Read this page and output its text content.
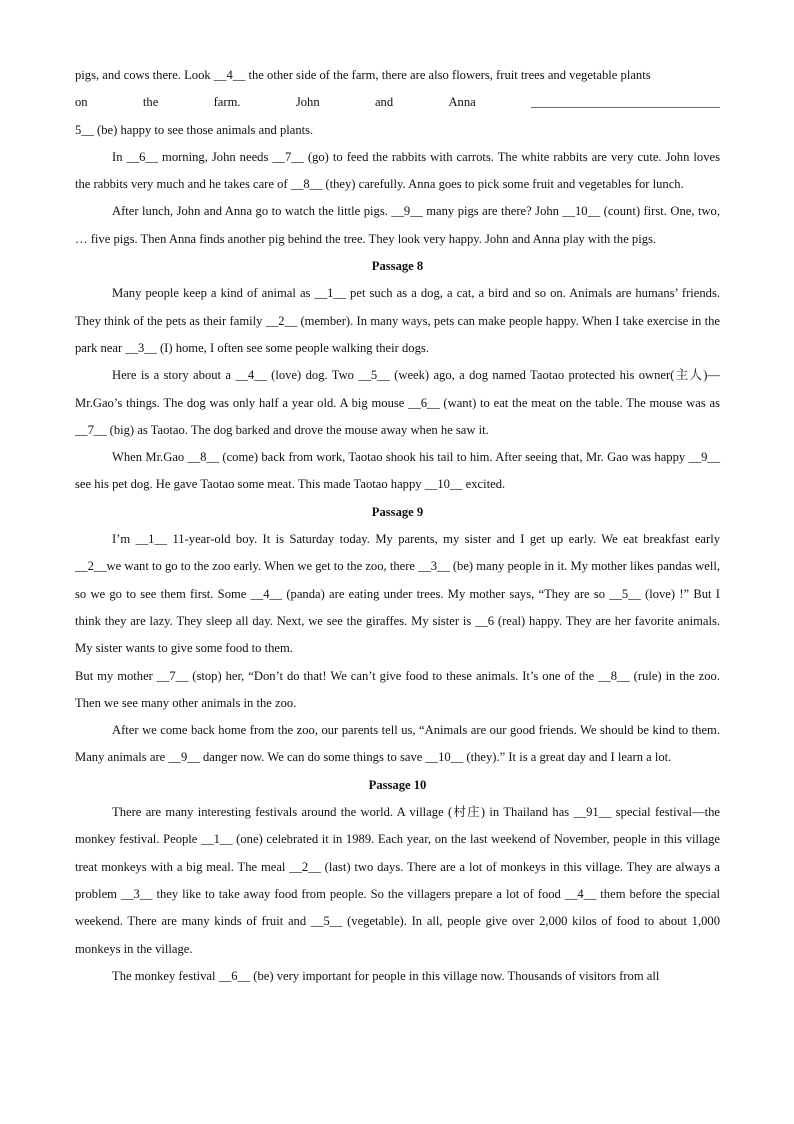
pigs, and cows there. Look __4__ the other side of the farm, there are also flowers, fruit trees and vegetable plants

on	the	farm.	John	and	Anna	______________________________

5__ (be) happy to see those animals and plants.

In __6__ morning, John needs __7__ (go) to feed the rabbits with carrots. The white rabbits are very cute. John loves the rabbits very much and he takes care of __8__ (they) carefully. Anna goes to pick some fruit and vegetables for lunch.

After lunch, John and Anna go to watch the little pigs. __9__ many pigs are there? John __10__ (count) first. One, two, … five pigs. Then Anna finds another pig behind the tree. They look very happy. John and Anna play with the pigs.

Passage 8

Many people keep a kind of animal as __1__ pet such as a dog, a cat, a bird and so on. Animals are humans’ friends. They think of the pets as their family __2__ (member). In many ways, pets can make people happy. When I take exercise in the park near __3__ (I) home, I often see some people walking their dogs.

Here is a story about a __4__ (love) dog. Two __5__ (week) ago, a dog named Taotao protected his owner(主人)—Mr.Gao’s things. The dog was only half a year old. A big mouse __6__ (want) to eat the meat on the table. The mouse was as __7__ (big) as Taotao. The dog barked and drove the mouse away when he saw it.

When Mr.Gao __8__ (come) back from work, Taotao shook his tail to him. After seeing that, Mr. Gao was happy __9__ see his pet dog. He gave Taotao some meat. This made Taotao happy __10__ excited.

Passage 9

I’m __1__ 11-year-old boy. It is Saturday today. My parents, my sister and I get up early. We eat breakfast early __2__we want to go to the zoo early. When we get to the zoo, there __3__ (be) many people in it. My mother likes pandas well, so we go to see them first. Some __4__ (panda) are eating under trees. My mother says, “They are so __5__ (love) !” But I think they are lazy. They sleep all day. Next, we see the giraffes. My sister is __6 (real) happy. They are her favorite animals. My sister wants to give some food to them.

But my mother __7__ (stop) her, “Don’t do that! We can’t give food to these animals. It’s one of the __8__ (rule) in the zoo. Then we see many other animals in the zoo.

After we come back home from the zoo, our parents tell us, “Animals are our good friends. We should be kind to them. Many animals are __9__ danger now. We can do some things to save __10__ (they).” It is a great day and I learn a lot.

Passage 10

There are many interesting festivals around the world. A village (村庄) in Thailand has __91__ special festival—the monkey festival. People __1__ (one) celebrated it in 1989. Each year, on the last weekend of November, people in this village treat monkeys with a big meal. The meal __2__ (last) two days. There are a lot of monkeys in this village. They are always a problem __3__ they like to take away food from people. So the villagers prepare a lot of food __4__ them before the special weekend. There are many kinds of fruit and __5__ (vegetable). In all, people give over 2,000 kilos of food to about 1,000 monkeys in the village.

The monkey festival __6__ (be) very important for people in this village now. Thousands of visitors from all
